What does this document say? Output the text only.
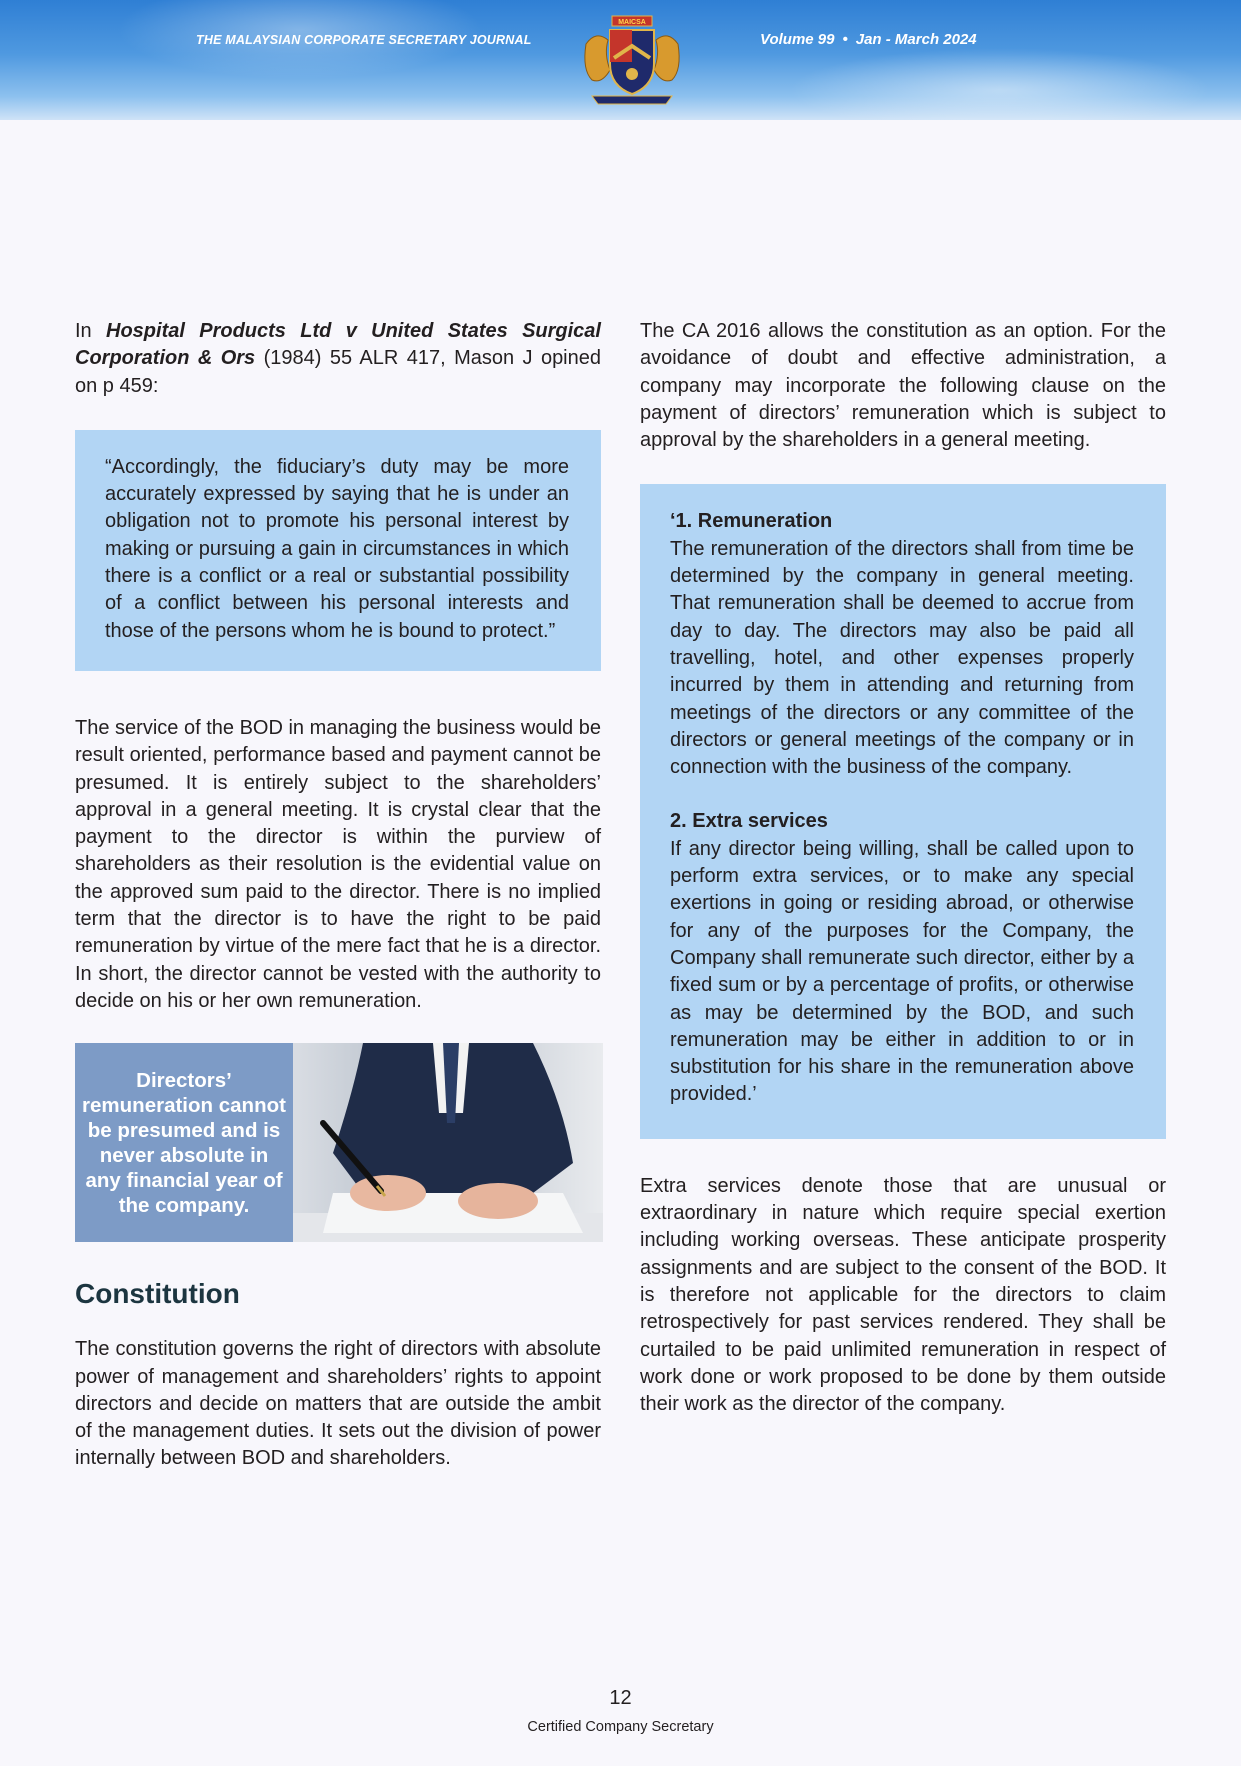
THE MALAYSIAN CORPORATE SECRETARY JOURNAL
MAICSA
Volume 99 • Jan - March 2024

In Hospital Products Ltd v United States Surgical Corporation & Ors (1984) 55 ALR 417, Mason J opined on p 459:

“Accordingly, the fiduciary’s duty may be more accurately expressed by saying that he is under an obligation not to promote his personal interest by making or pursuing a gain in circumstances in which there is a conflict or a real or substantial possibility of a conflict between his personal interests and those of the persons whom he is bound to protect.”

The service of the BOD in managing the business would be result oriented, performance based and payment cannot be presumed. It is entirely subject to the shareholders’ approval in a general meeting. It is crystal clear that the payment to the director is within the purview of shareholders as their resolution is the evidential value on the approved sum paid to the director. There is no implied term that the director is to have the right to be paid remuneration by virtue of the mere fact that he is a director. In short, the director cannot be vested with the authority to decide on his or her own remuneration.

Directors’ remuneration cannot be presumed and is never absolute in any financial year of the company.
Constitution

The constitution governs the right of directors with absolute power of management and shareholders’ rights to appoint directors and decide on matters that are outside the ambit of the management duties. It sets out the division of power internally between BOD and shareholders.

The CA 2016 allows the constitution as an option. For the avoidance of doubt and effective administration, a company may incorporate the following clause on the payment of directors’ remuneration which is subject to approval by the shareholders in a general meeting.

‘1. Remuneration

The remuneration of the directors shall from time be determined by the company in general meeting. That remuneration shall be deemed to accrue from day to day. The directors may also be paid all travelling, hotel, and other expenses properly incurred by them in attending and returning from meetings of the directors or any committee of the directors or general meetings of the company or in connection with the business of the company.

2. Extra services

If any director being willing, shall be called upon to perform extra services, or to make any special exertions in going or residing abroad, or otherwise for any of the purposes for the Company, the Company shall remunerate such director, either by a fixed sum or by a percentage of profits, or otherwise as may be determined by the BOD, and such remuneration may be either in addition to or in substitution for his share in the remuneration above provided.’

Extra services denote those that are unusual or extraordinary in nature which require special exertion including working overseas. These anticipate prosperity assignments and are subject to the consent of the BOD. It is therefore not applicable for the directors to claim retrospectively for past services rendered. They shall be curtailed to be paid unlimited remuneration in respect of work done or work proposed to be done by them outside their work as the director of the company.

12
Certified Company Secretary
